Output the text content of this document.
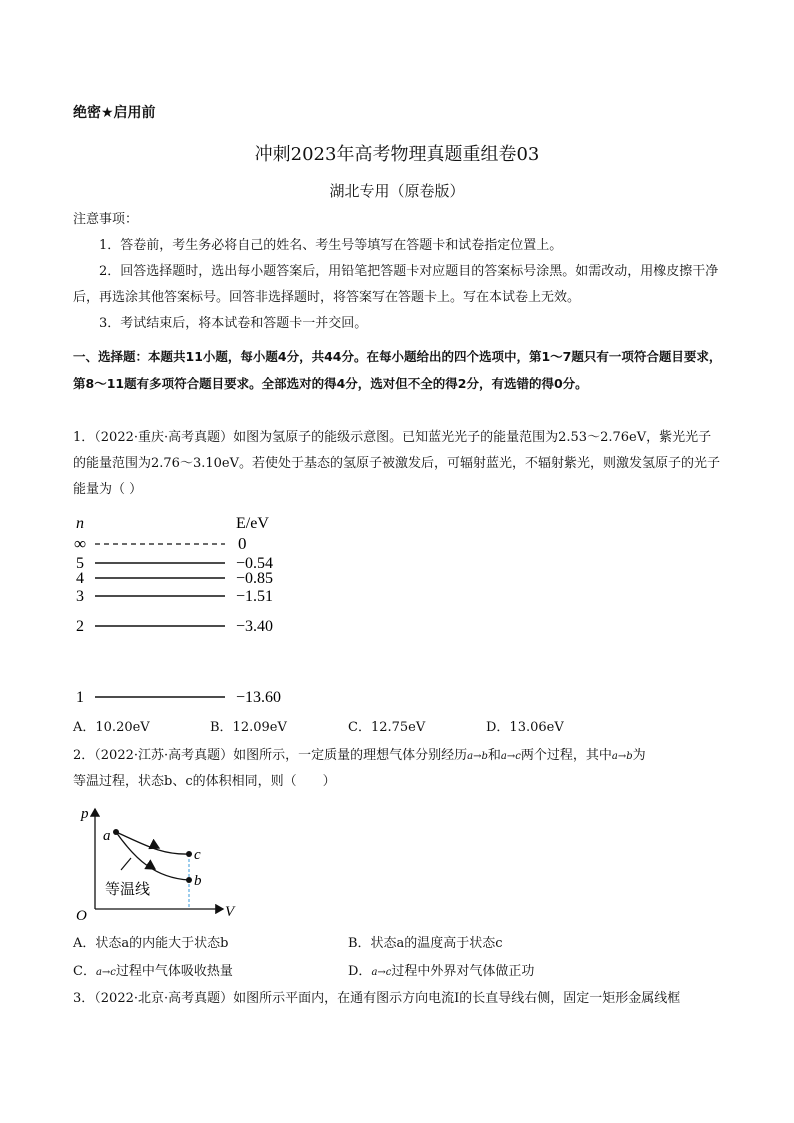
绝密★启用前
冲刺2023年高考物理真题重组卷03
湖北专用（原卷版）
注意事项：
1．答卷前，考生务必将自己的姓名、考生号等填写在答题卡和试卷指定位置上。
2．回答选择题时，选出每小题答案后，用铅笔把答题卡对应题目的答案标号涂黑。如需改动，用橡皮擦干净后，再选涂其他答案标号。回答非选择题时，将答案写在答题卡上。写在本试卷上无效。
3．考试结束后，将本试卷和答题卡一并交回。
一、选择题：本题共11小题，每小题4分，共44分。在每小题给出的四个选项中，第1～7题只有一项符合题目要求，第8～11题有多项符合题目要求。全部选对的得4分，选对但不全的得2分，有选错的得0分。
1．（2022·重庆·高考真题）如图为氢原子的能级示意图。已知蓝光光子的能量范围为2.53～2.76eV，紫光光子的能量范围为2.76～3.10eV。若使处于基态的氢原子被激发后，可辐射蓝光，不辐射紫光，则激发氢原子的光子能量为（ ）
n	E/eV
∞	0
5	−0.54
4	−0.85
3	−1.51
2	−3.40
1	−13.60
A．10.20eV	B．12.09eV	C．12.75eV	D．13.06eV
2．（2022·江苏·高考真题）如图所示，一定质量的理想气体分别经历a→b和a→c两个过程，其中a→b为
等温过程，状态b、c的体积相同，则（　　）
p
V
O
a
c
b
等温线
A．状态a的内能大于状态b	B．状态a的温度高于状态c
C．a→c过程中气体吸收热量	D．a→c过程中外界对气体做正功
3．（2022·北京·高考真题）如图所示平面内，在通有图示方向电流I的长直导线右侧，固定一矩形金属线框
